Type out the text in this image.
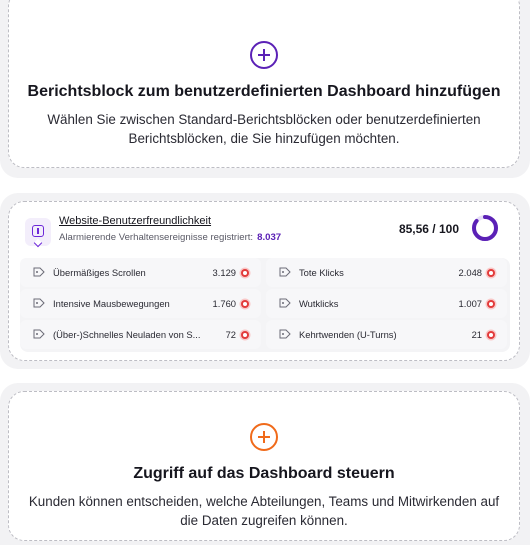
Berichtsblock zum benutzerdefinierten Dashboard hinzufügen
Wählen Sie zwischen Standard-Berichtsblöcken oder benutzerdefinierten
Berichtsblöcken, die Sie hinzufügen möchten.
Website-Benutzerfreundlichkeit
Alarmierende Verhaltensereignisse registriert: 8.037
85,56 / 100
Übermäßiges Scrollen	3.129	Tote Klicks	2.048
Intensive Mausbewegungen	1.760	Wutklicks	1.007
(Über-)Schnelles Neuladen von S...	72	Kehrtwenden (U-Turns)	21
Zugriff auf das Dashboard steuern
Kunden können entscheiden, welche Abteilungen, Teams und Mitwirkenden auf
die Daten zugreifen können.
